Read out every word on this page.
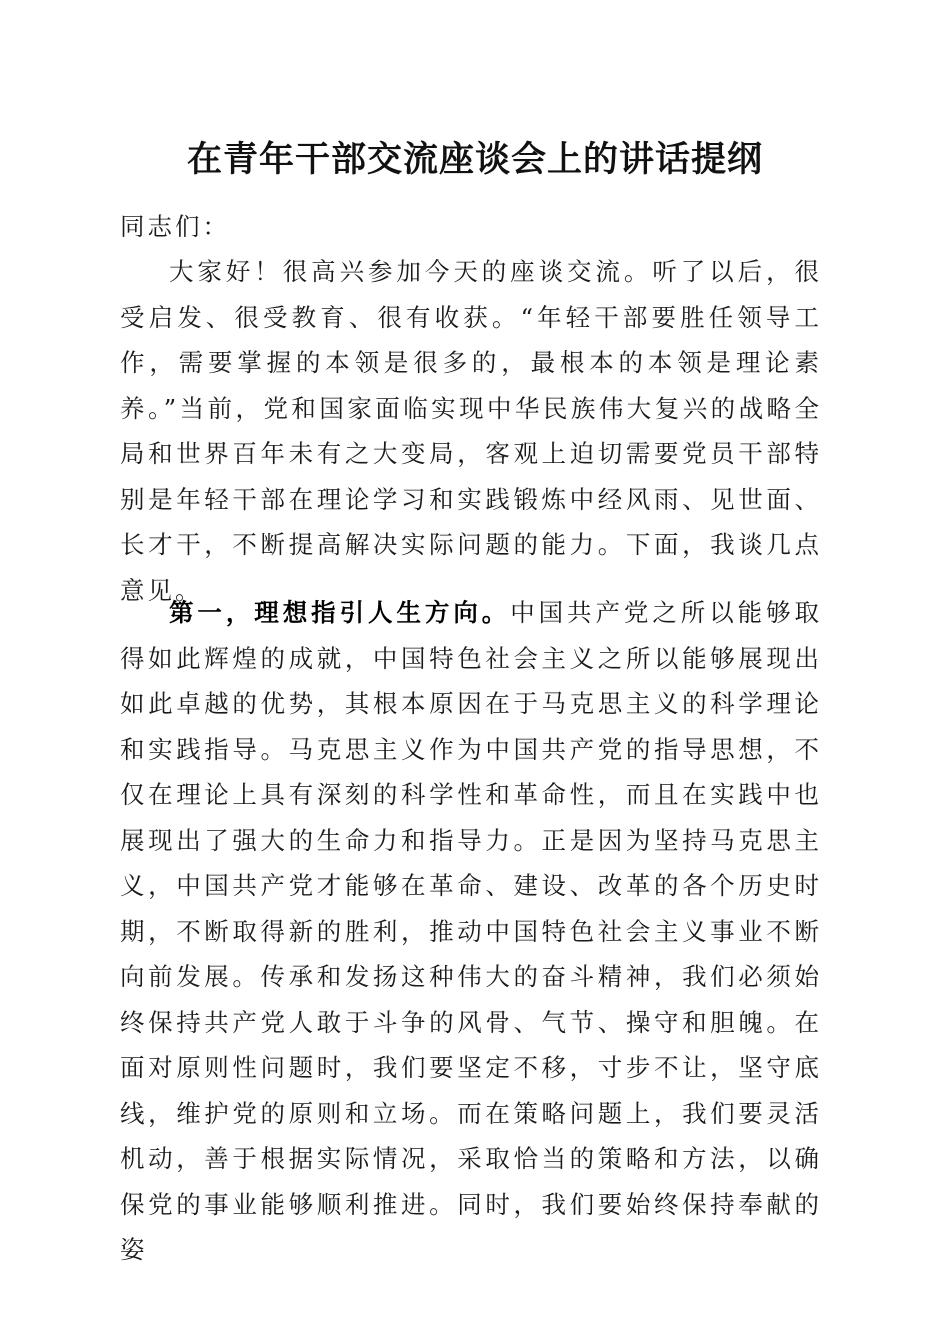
在青年干部交流座谈会上的讲话提纲
同志们：

大家好！很高兴参加今天的座谈交流。听了以后，很受启发、很受教育、很有收获。“年轻干部要胜任领导工作，需要掌握的本领是很多的，最根本的本领是理论素养。”当前，党和国家面临实现中华民族伟大复兴的战略全局和世界百年未有之大变局，客观上迫切需要党员干部特别是年轻干部在理论学习和实践锻炼中经风雨、见世面、长才干，不断提高解决实际问题的能力。下面，我谈几点意见。

第一，理想指引人生方向。中国共产党之所以能够取得如此辉煌的成就，中国特色社会主义之所以能够展现出如此卓越的优势，其根本原因在于马克思主义的科学理论和实践指导。马克思主义作为中国共产党的指导思想，不仅在理论上具有深刻的科学性和革命性，而且在实践中也展现出了强大的生命力和指导力。正是因为坚持马克思主义，中国共产党才能够在革命、建设、改革的各个历史时期，不断取得新的胜利，推动中国特色社会主义事业不断向前发展。传承和发扬这种伟大的奋斗精神，我们必须始终保持共产党人敢于斗争的风骨、气节、操守和胆魄。在面对原则性问题时，我们要坚定不移，寸步不让，坚守底线，维护党的原则和立场。而在策略问题上，我们要灵活机动，善于根据实际情况，采取恰当的策略和方法，以确保党的事业能够顺利推进。同时，我们要始终保持奉献的姿
